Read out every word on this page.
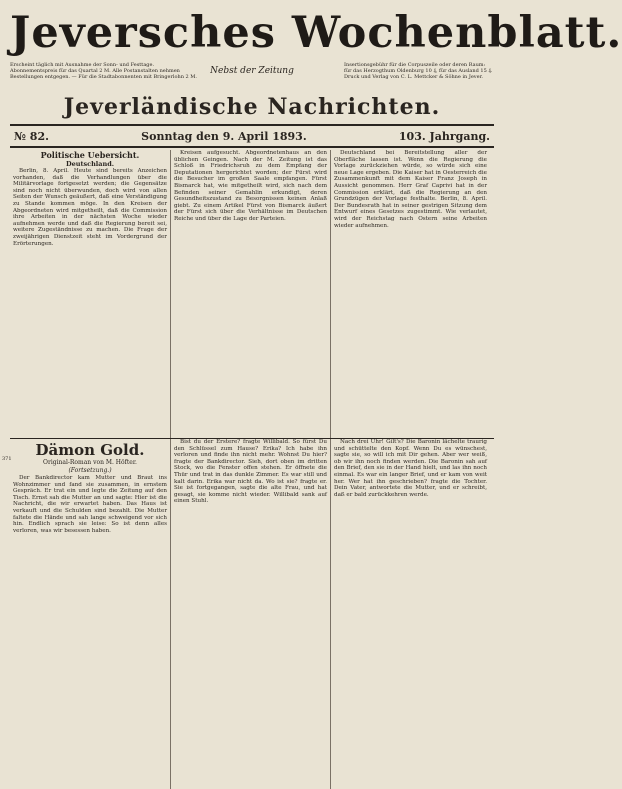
Jeversches Wochenblatt.
Erscheint täglich mit Ausnahme der Sonn- und Festtage.
Abonnementspreis für das Quartal 2 M. Alle Postanstalten nehmen
Bestellungen entgegen. — Für die Stadtabonnenten mit Bringerlohn 2 M.
Nebst der Zeitung
Insertionsgebühr für die Corpuszeile oder deren Raum:
für das Herzogthum Oldenburg 10 ₰, für das Ausland 15 ₰.
Druck und Verlag von C. L. Mettcker & Söhne in Jever.
Jeverländische Nachrichten.
№ 82.	Sonntag den 9. April 1893.	103. Jahrgang.
Politische Uebersicht.
Deutschland.

Berlin, 8. April. Heute sind bereits Anzeichen vorhanden, daß die Verhandlungen über die Militärvorlage fortgesetzt werden; die Gegensätze sind noch nicht überwunden, doch wird von allen Seiten der Wunsch geäußert, daß eine Verständigung zu Stande kommen möge. In den Kreisen der Abgeordneten wird mitgetheilt, daß die Commission ihre Arbeiten in der nächsten Woche wieder aufnehmen werde und daß die Regierung bereit sei, weitere Zugeständnisse zu machen. Die Frage der zweijährigen Dienstzeit steht im Vordergrund der Erörterungen.

Kreisen aufgesucht. Abgeordnetenhaus an den üblichen Geingen. Nach der M. Zeitung ist das Schloß in Friedrichsruh zu dem Empfang der Deputationen hergerichtet worden; der Fürst wird die Besucher im großen Saale empfangen. Fürst Bismarck hat, wie mitgetheilt wird, sich nach dem Befinden seiner Gemahlin erkundigt, deren Gesundheitszustand zu Besorgnissen keinen Anlaß giebt. Zu einem Artikel Fürst von Bismarck äußert der Fürst sich über die Verhältnisse im Deutschen Reiche und über die Lage der Parteien.

Deutschland bei Bereitstellung aller der Oberfläche lassen ist. Wenn die Regierung die Vorlage zurückziehen würde, so würde sich eine neue Lage ergeben. Die Kaiser hat in Oesterreich die Zusammenkunft mit dem Kaiser Franz Joseph in Aussicht genommen. Herr Graf Caprivi hat in der Commission erklärt, daß die Regierung an den Grundzügen der Vorlage festhalte. Berlin, 8. April. Der Bundesrath hat in seiner gestrigen Sitzung dem Entwurf eines Gesetzes zugestimmt. Wie verlautet, wird der Reichstag nach Ostern seine Arbeiten wieder aufnehmen.

Dämon Gold.
Original-Roman von M. Höfter.
(Fortsetzung.)

Der Bankdirector kam Mutter und Braut ins Wohnzimmer und fand sie zusammen, in ernstem Gespräch. Er trat ein und legte die Zeitung auf den Tisch. Ernst sah die Mutter an und sagte: Hier ist die Nachricht, die wir erwartet haben. Das Haus ist verkauft und die Schulden sind bezahlt. Die Mutter faltete die Hände und sah lange schweigend vor sich hin. Endlich sprach sie leise: So ist denn alles verloren, was wir besessen haben.

Bist du der Erstere? fragte Willibald. So fürst Du den Schlüssel zum Hause? Erika? Ich habe ihn verloren und finde ihn nicht mehr. Wohnst Du hier? fragte der Bankdirector. Sieh, dort oben im dritten Stock, wo die Fenster offen stehen. Er öffnete die Thür und trat in das dunkle Zimmer. Es war still und kalt darin. Erika war nicht da. Wo ist sie? fragte er. Sie ist fortgegangen, sagte die alte Frau, und hat gesagt, sie komme nicht wieder. Willibald sank auf einen Stuhl.

Nach drei Uhr! Gilt's? Die Baronin lächelte traurig und schüttelte den Kopf. Wenn Du es wünschest, sagte sie, so will ich mit Dir gehen. Aber wer weiß, ob wir ihn noch finden werden. Die Baronin sah auf den Brief, den sie in der Hand hielt, und las ihn noch einmal. Es war ein langer Brief, und er kam von weit her. Wer hat ihn geschrieben? fragte die Tochter. Dein Vater, antwortete die Mutter, und er schreibt, daß er bald zurückkehren werde.

371
